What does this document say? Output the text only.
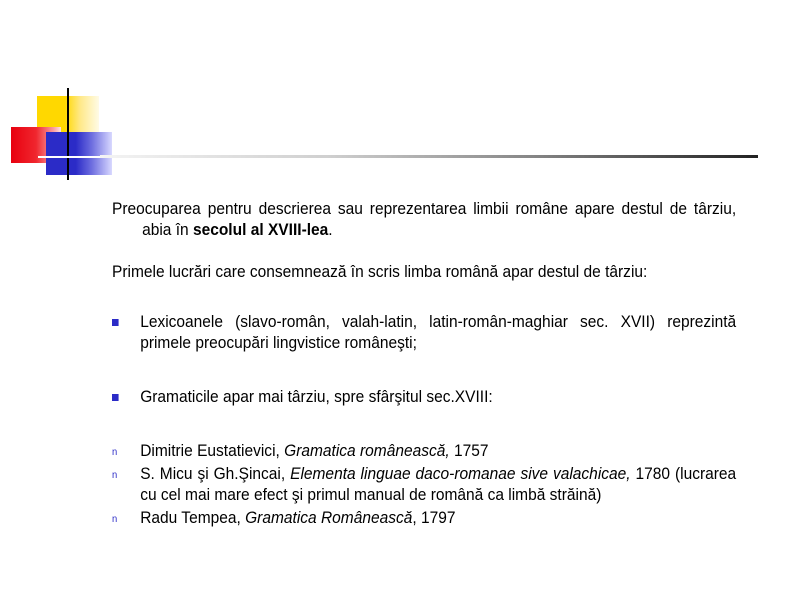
Preocuparea pentru descrierea sau reprezentarea limbii române apare destul de târziu, abia în secolul al XVIII-lea.

Primele lucrări care consemnează în scris limba română apar destul de târziu:

Lexicoanele (slavo-român, valah-latin, latin-român-maghiar sec. XVII) reprezintă primele preocupări lingvistice româneşti;
Gramaticile apar mai târziu, spre sfârşitul sec.XVIII:
n Dimitrie Eustatievici, Gramatica românească, 1757
n S. Micu şi Gh.Şincai, Elementa linguae daco-romanae sive valachicae, 1780 (lucrarea cu cel mai mare efect şi primul manual de română ca limbă străină)
n Radu Tempea, Gramatica Românească, 1797
